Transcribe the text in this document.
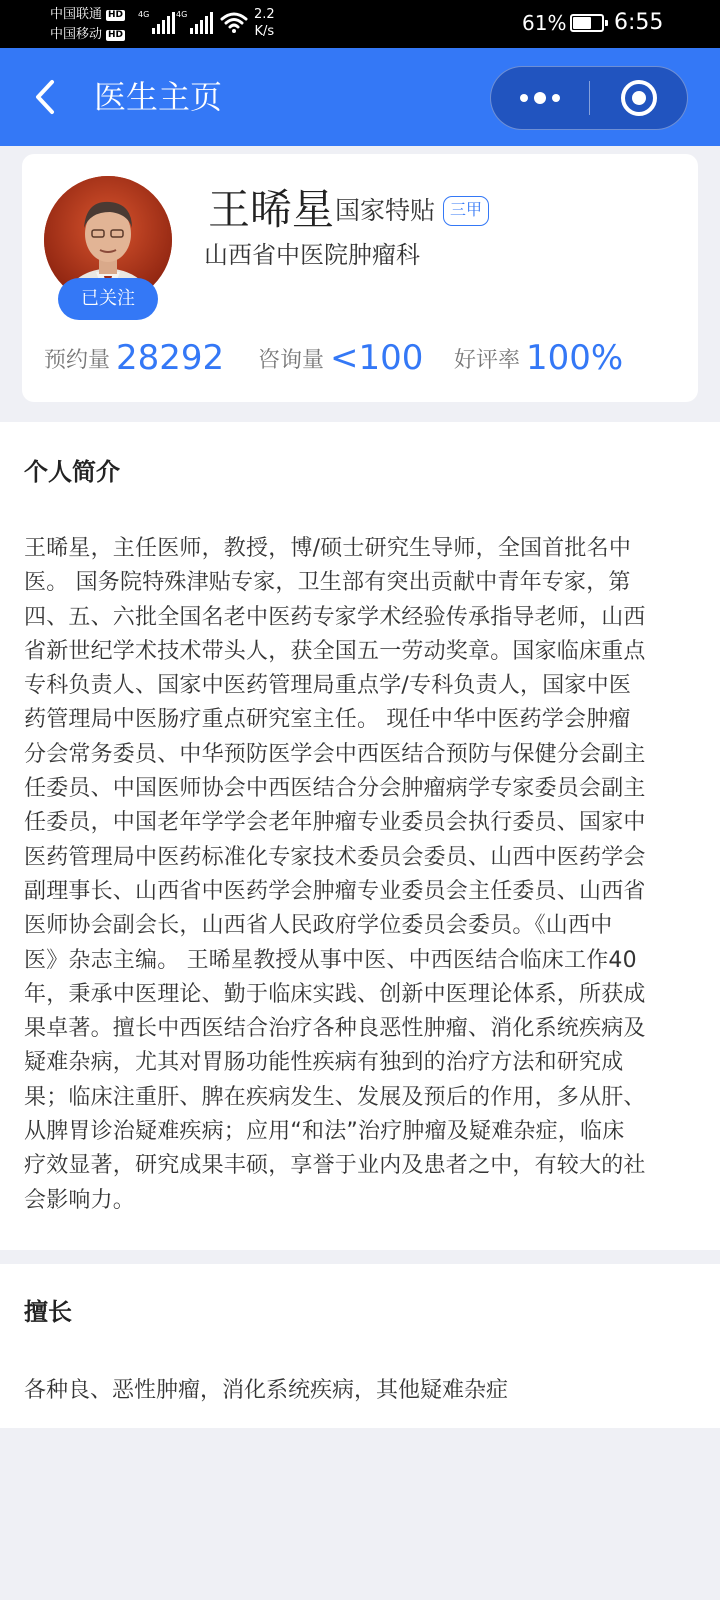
中国联通 HD
中国移动 HD
4G	4G	2.2
K/s	61% 6:55
医生主页
已关注
王晞星 国家特贴 三甲
山西省中医院肿瘤科
预约量 28292 咨询量 <100 好评率 100%
个人简介
王晞星，主任医师，教授，博/硕士研究生导师，全国首批名中
医。 国务院特殊津贴专家，卫生部有突出贡献中青年专家，第
四、五、六批全国名老中医药专家学术经验传承指导老师，山西
省新世纪学术技术带头人，获全国五一劳动奖章。国家临床重点
专科负责人、国家中医药管理局重点学/专科负责人，国家中医
药管理局中医肠疗重点研究室主任。 现任中华中医药学会肿瘤
分会常务委员、中华预防医学会中西医结合预防与保健分会副主
任委员、中国医师协会中西医结合分会肿瘤病学专家委员会副主
任委员，中国老年学学会老年肿瘤专业委员会执行委员、国家中
医药管理局中医药标准化专家技术委员会委员、山西中医药学会
副理事长、山西省中医药学会肿瘤专业委员会主任委员、山西省
医师协会副会长，山西省人民政府学位委员会委员。《山西中
医》杂志主编。 王晞星教授从事中医、中西医结合临床工作40
年，秉承中医理论、勤于临床实践、创新中医理论体系，所获成
果卓著。擅长中西医结合治疗各种良恶性肿瘤、消化系统疾病及
疑难杂病，尤其对胃肠功能性疾病有独到的治疗方法和研究成
果；临床注重肝、脾在疾病发生、发展及预后的作用，多从肝、
从脾胃诊治疑难疾病；应用“和法”治疗肿瘤及疑难杂症，临床
疗效显著，研究成果丰硕，享誉于业内及患者之中，有较大的社
会影响力。
擅长
各种良、恶性肿瘤，消化系统疾病，其他疑难杂症
